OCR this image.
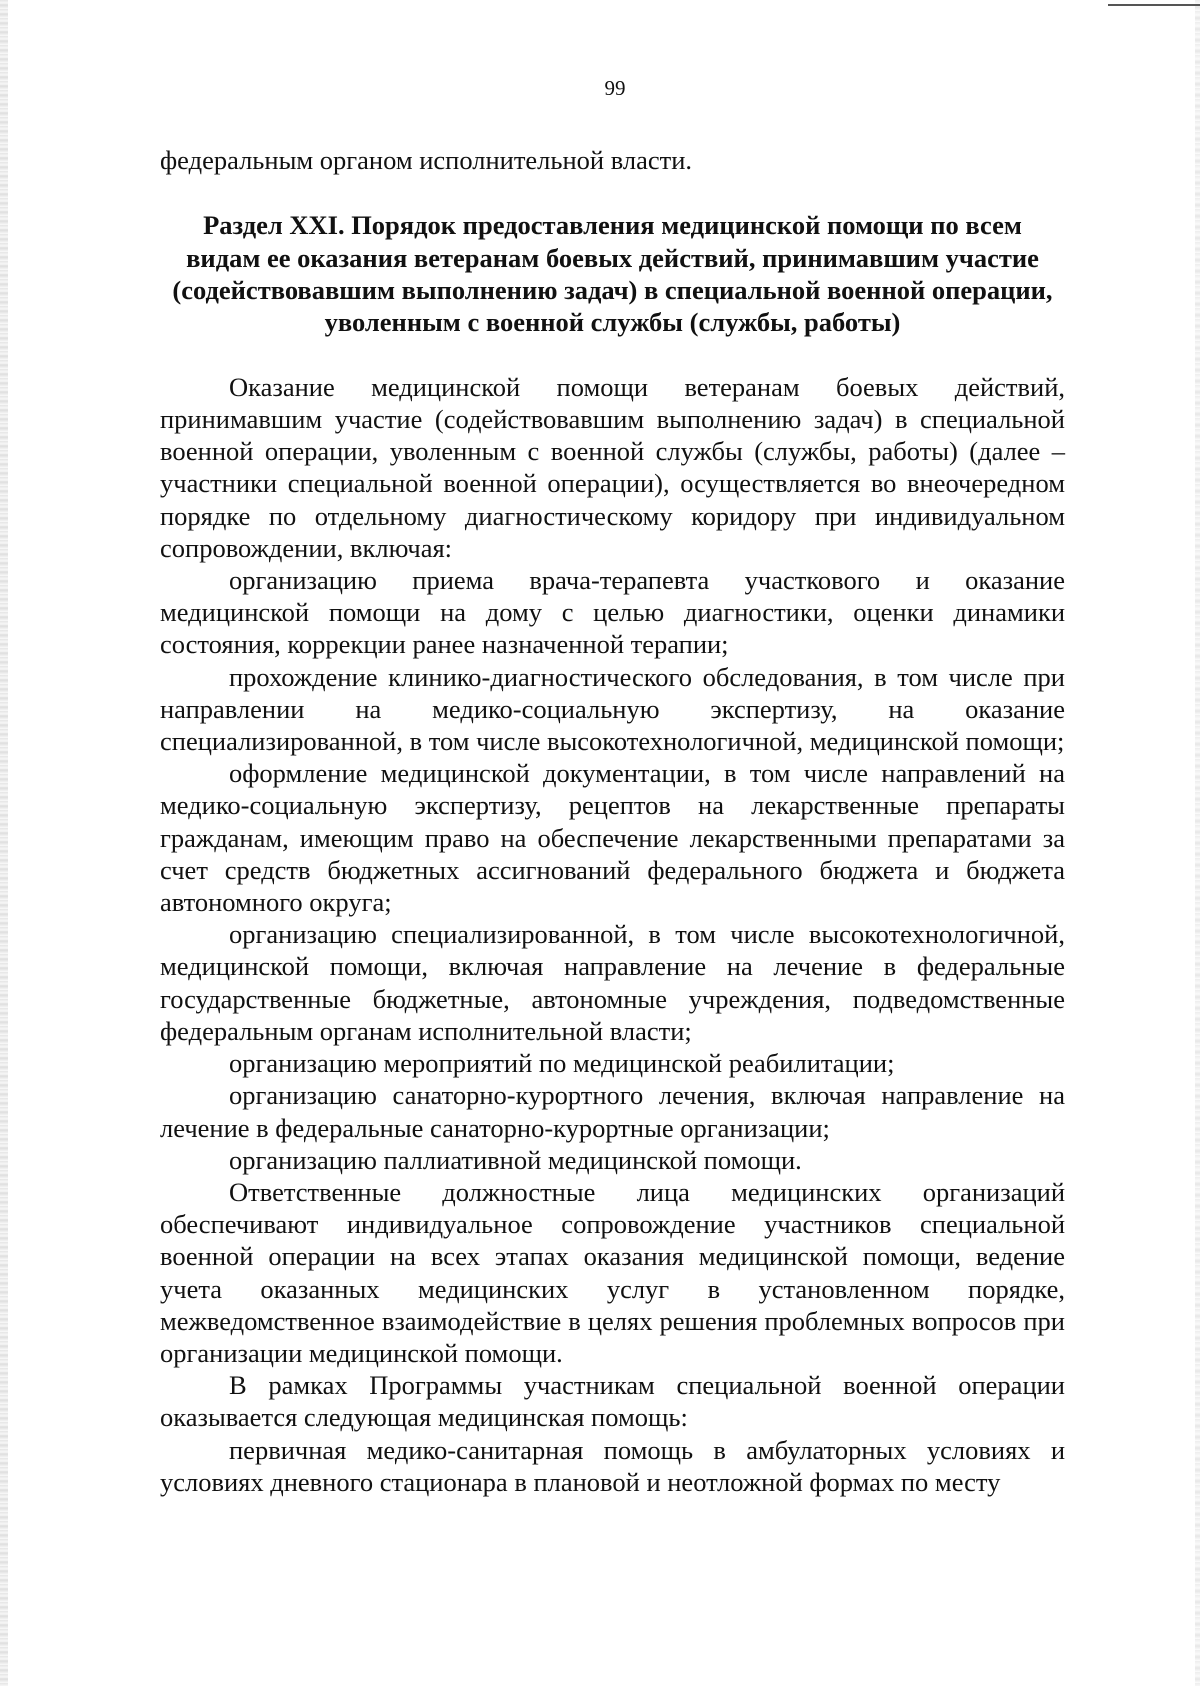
99

федеральным органом исполнительной власти.

Раздел XXI. Порядок предоставления медицинской помощи по всем видам ее оказания ветеранам боевых действий, принимавшим участие (содействовавшим выполнению задач) в специальной военной операции, уволенным с военной службы (службы, работы)

Оказание медицинской помощи ветеранам боевых действий, принимавшим участие (содействовавшим выполнению задач) в специальной военной операции, уволенным с военной службы (службы, работы) (далее – участники специальной военной операции), осуществляется во внеочередном порядке по отдельному диагностическому коридору при индивидуальном сопровождении, включая:

организацию приема врача-терапевта участкового и оказание медицинской помощи на дому с целью диагностики, оценки динамики состояния, коррекции ранее назначенной терапии;

прохождение клинико-диагностического обследования, в том числе при направлении на медико-социальную экспертизу, на оказание специализированной, в том числе высокотехнологичной, медицинской помощи;

оформление медицинской документации, в том числе направлений на медико-социальную экспертизу, рецептов на лекарственные препараты гражданам, имеющим право на обеспечение лекарственными препаратами за счет средств бюджетных ассигнований федерального бюджета и бюджета автономного округа;

организацию специализированной, в том числе высокотехнологичной, медицинской помощи, включая направление на лечение в федеральные государственные бюджетные, автономные учреждения, подведомственные федеральным органам исполнительной власти;

организацию мероприятий по медицинской реабилитации;

организацию санаторно-курортного лечения, включая направление на лечение в федеральные санаторно-курортные организации;

организацию паллиативной медицинской помощи.

Ответственные должностные лица медицинских организаций обеспечивают индивидуальное сопровождение участников специальной военной операции на всех этапах оказания медицинской помощи, ведение учета оказанных медицинских услуг в установленном порядке, межведомственное взаимодействие в целях решения проблемных вопросов при организации медицинской помощи.

В рамках Программы участникам специальной военной операции оказывается следующая медицинская помощь:

первичная медико-санитарная помощь в амбулаторных условиях и условиях дневного стационара в плановой и неотложной формах по месту
